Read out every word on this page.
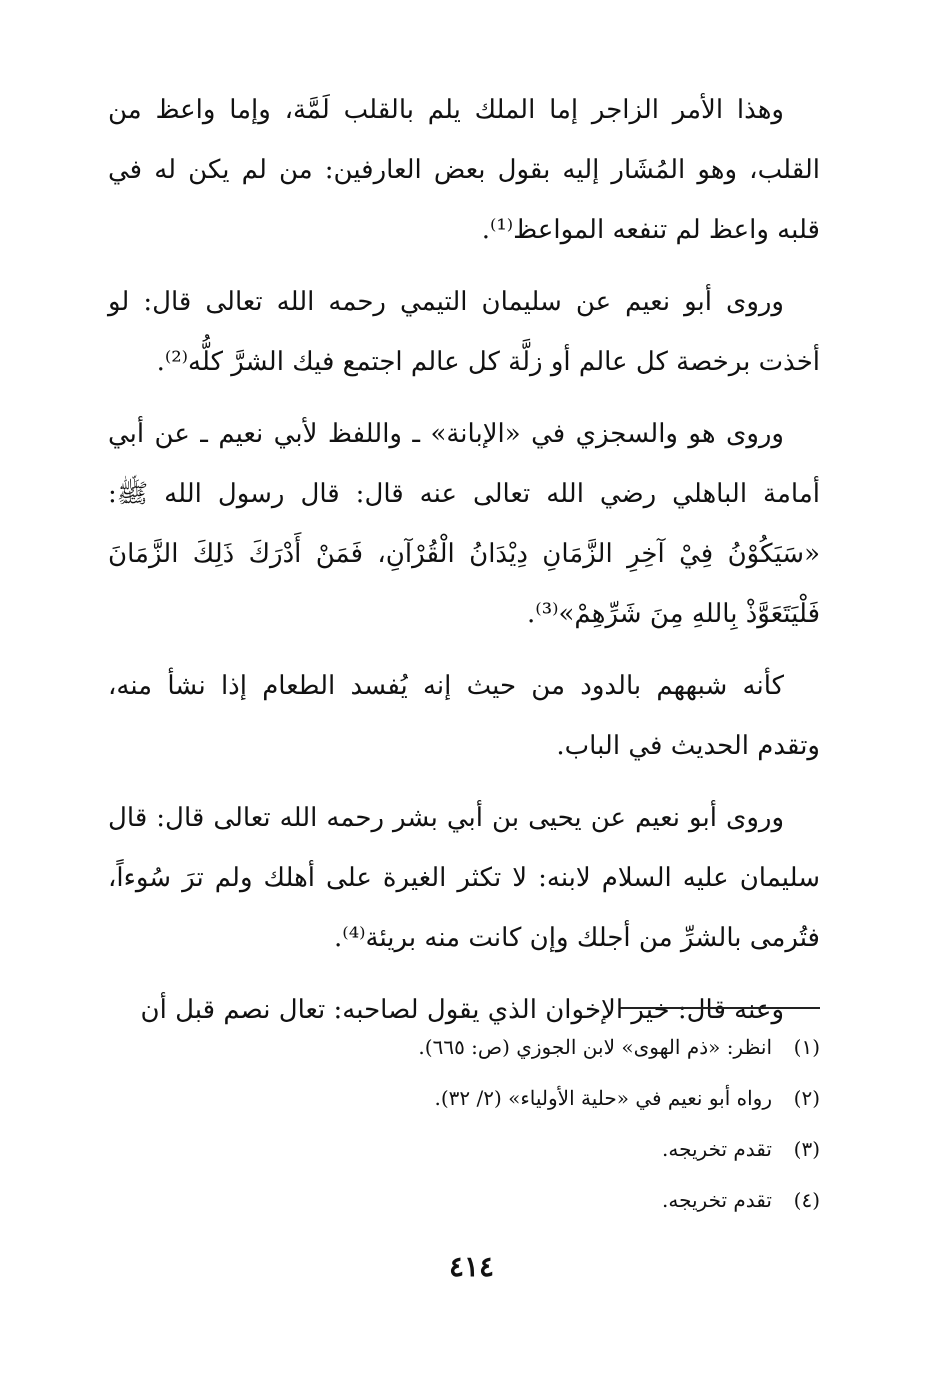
وهذا الأمر الزاجر إما الملك يلم بالقلب لَمَّة، وإما واعظ من القلب، وهو المُشَار إليه بقول بعض العارفين: من لم يكن له في قلبه واعظ لم تنفعه المواعظ⁽¹⁾.

وروى أبو نعيم عن سليمان التيمي رحمه الله تعالى قال: لو أخذت برخصة كل عالم أو زلَّة كل عالم اجتمع فيك الشرَّ كلُّه⁽²⁾.

وروى هو والسجزي في «الإبانة» ـ واللفظ لأبي نعيم ـ عن أبي أمامة الباهلي رضي الله تعالى عنه قال: قال رسول الله ﷺ: «سَيَكُوْنُ فِيْ آخِرِ الزَّمَانِ دِيْدَانُ الْقُرْآنِ، فَمَنْ أَدْرَكَ ذَلِكَ الزَّمَانَ فَلْيَتَعَوَّذْ بِاللهِ مِنَ شَرِّهِمْ»⁽³⁾.

كأنه شبههم بالدود من حيث إنه يُفسد الطعام إذا نشأ منه، وتقدم الحديث في الباب.

وروى أبو نعيم عن يحيى بن أبي بشر رحمه الله تعالى قال: قال سليمان عليه السلام لابنه: لا تكثر الغيرة على أهلك ولم ترَ سُوءاً، فتُرمى بالشرِّ من أجلك وإن كانت منه بريئة⁽⁴⁾.

وعنه قال: خير الإخوان الذي يقول لصاحبه: تعال نصم قبل أن

(١)انظر: «ذم الهوى» لابن الجوزي (ص: ٦٦٥).
(٢)رواه أبو نعيم في «حلية الأولياء» (٢/ ٣٢).
(٣)تقدم تخريجه.
(٤)تقدم تخريجه.
٤١٤
